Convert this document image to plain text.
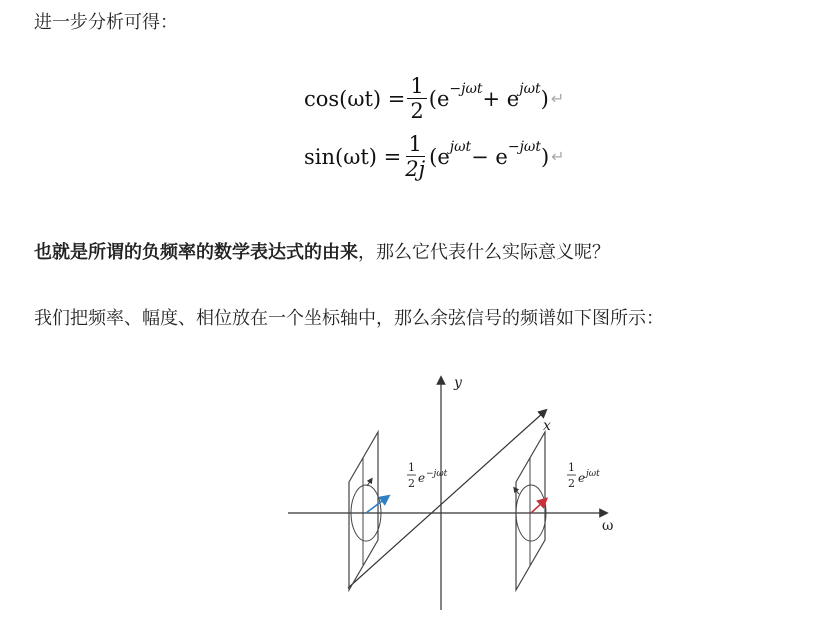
进一步分析可得：
$\cos(\omega t) = \frac{1}{2} (e -j\omega t + e$ jωt ) ↵
$\sin(\omega t) = \frac{1}{2j} (e$ jωt − e −jωt ) ↵
也就是所谓的负频率的数学表达式的由来，那么它代表什么实际意义呢？
我们把频率、幅度、相位放在一个坐标轴中，那么余弦信号的频谱如下图所示：
y
x
ω
1
2 e −jωt	1
2 e jωt
